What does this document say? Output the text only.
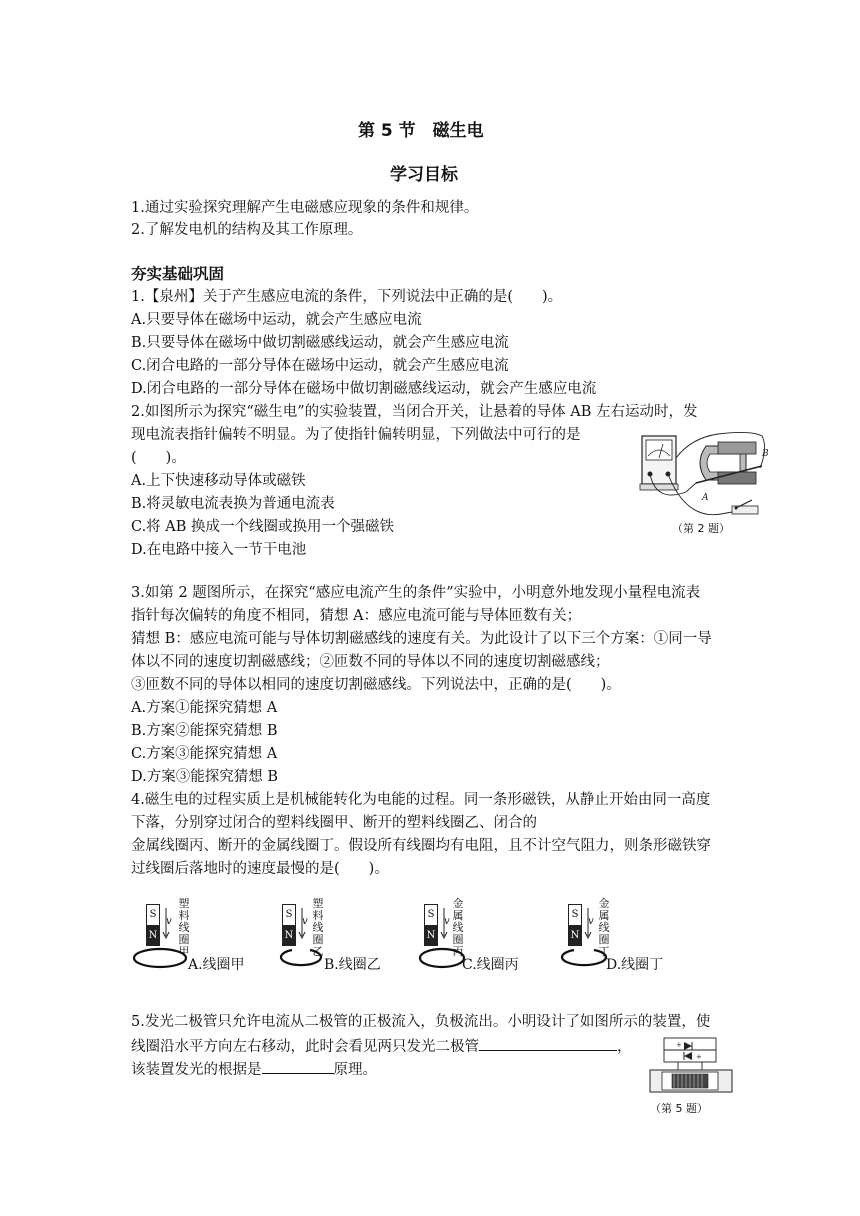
第 5 节　磁生电
学习目标
1.通过实验探究理解产生电磁感应现象的条件和规律。
2.了解发电机的结构及其工作原理。
夯实基础巩固
1.【泉州】关于产生感应电流的条件，下列说法中正确的是(　　)。
A.只要导体在磁场中运动，就会产生感应电流
B.只要导体在磁场中做切割磁感线运动，就会产生感应电流
C.闭合电路的一部分导体在磁场中运动，就会产生感应电流
D.闭合电路的一部分导体在磁场中做切割磁感线运动，就会产生感应电流
2.如图所示为探究“磁生电”的实验装置，当闭合开关，让悬着的导体 AB 左右运动时，发
现电流表指针偏转不明显。为了使指针偏转明显，下列做法中可行的是
(　　)。
A.上下快速移动导体或磁铁
B.将灵敏电流表换为普通电流表
C.将 AB 换成一个线圈或换用一个强磁铁
D.在电路中接入一节干电池
A
B
（第 2 题）
3.如第 2 题图所示，在探究“感应电流产生的条件”实验中，小明意外地发现小量程电流表
指针每次偏转的角度不相同，猜想 A：感应电流可能与导体匝数有关；
猜想 B：感应电流可能与导体切割磁感线的速度有关。为此设计了以下三个方案：①同一导
体以不同的速度切割磁感线；②匝数不同的导体以不同的速度切割磁感线；
③匝数不同的导体以相同的速度切割磁感线。下列说法中，正确的是(　　)。
A.方案①能探究猜想 A
B.方案②能探究猜想 B
C.方案③能探究猜想 A
D.方案③能探究猜想 B
4.磁生电的过程实质上是机械能转化为电能的过程。同一条形磁铁，从静止开始由同一高度
下落，分别穿过闭合的塑料线圈甲、断开的塑料线圈乙、闭合的
金属线圈丙、断开的金属线圈丁。假设所有线圈均有电阻，且不计空气阻力，则条形磁铁穿
过线圈后落地时的速度最慢的是(　　)。
S
N
v
塑料线圈甲
A.线圈甲
S
N
v
塑料线圈乙
B.线圈乙
S
N
v
金属线圈丙
C.线圈丙
S
N
v
金属线圈丁
D.线圈丁
5.发光二极管只允许电流从二极管的正极流入，负极流出。小明设计了如图所示的装置，使
线圈沿水平方向左右移动，此时会看见两只发光二极管	，
该装置发光的根据是	原理。
+
+
（第 5 题）
